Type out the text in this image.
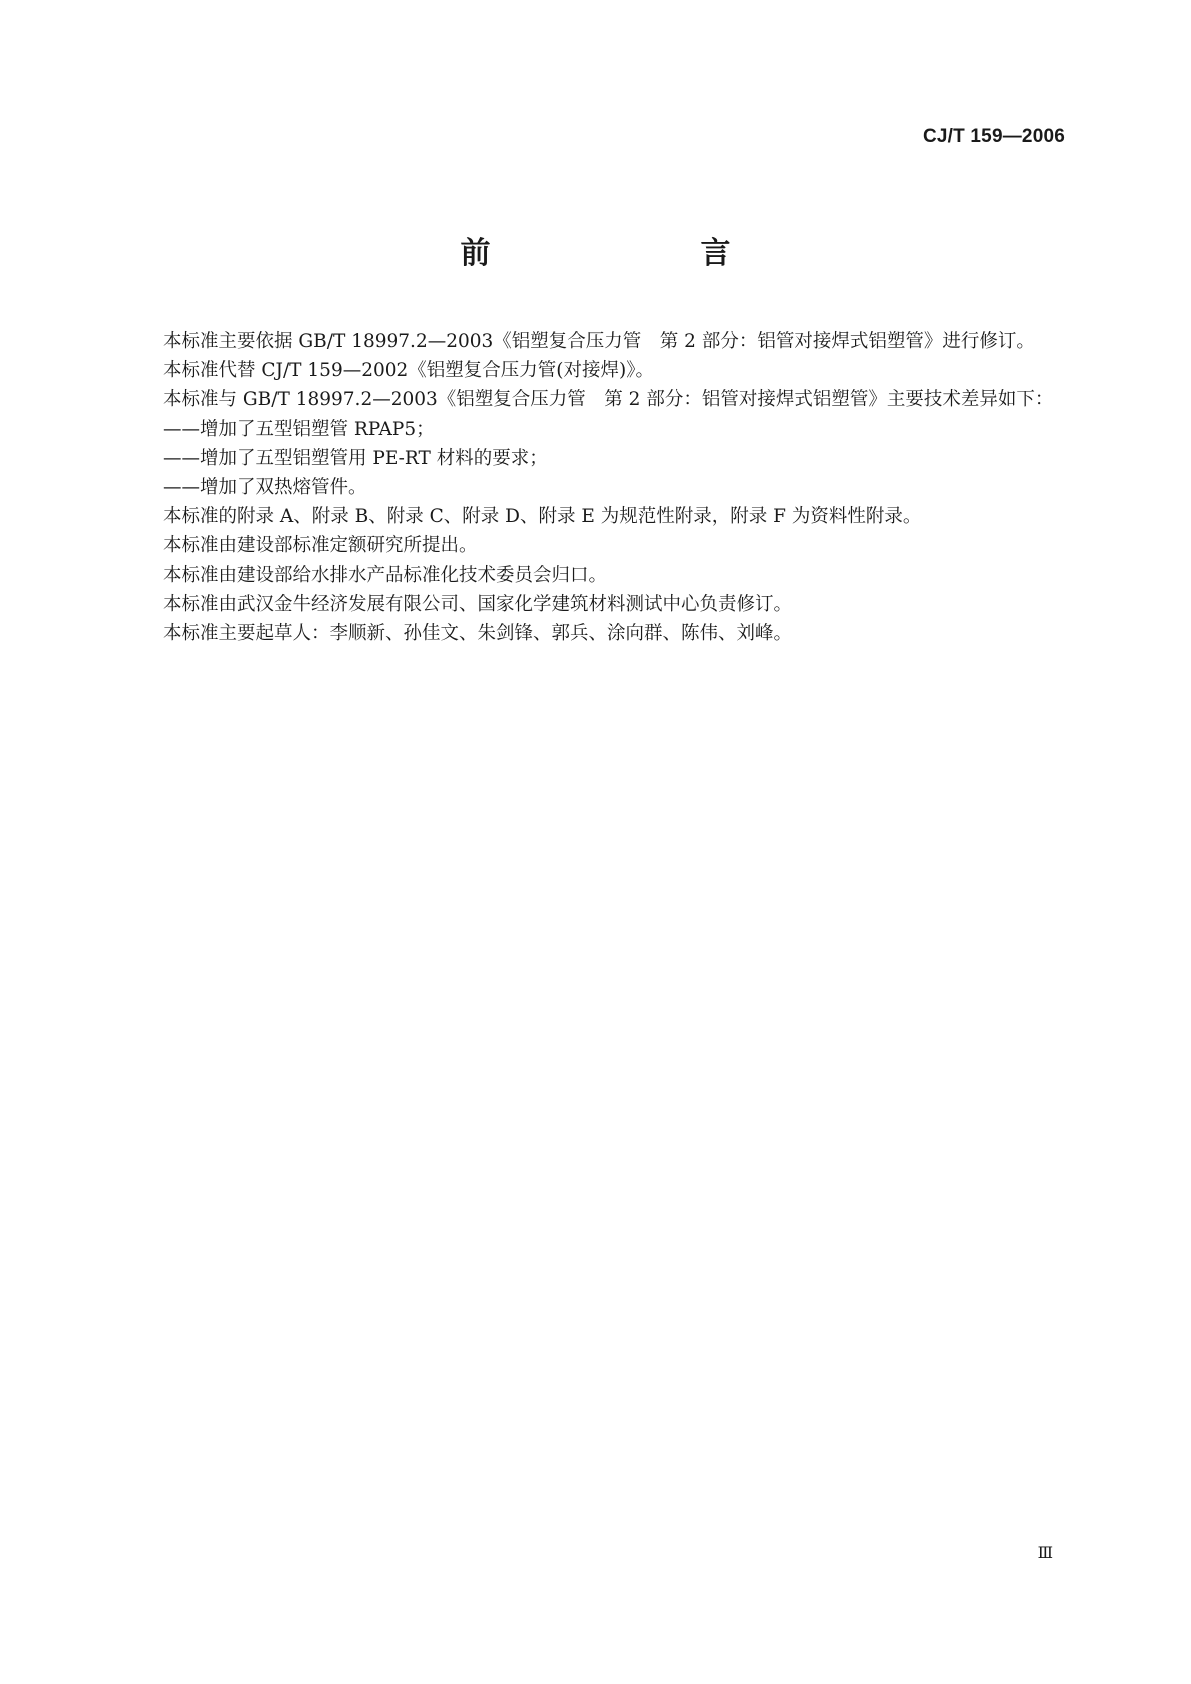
CJ/T 159—2006
前　　言

本标准主要依据 GB/T 18997.2—2003《铝塑复合压力管　第 2 部分：铝管对接焊式铝塑管》进行修订。

本标准代替 CJ/T 159—2002《铝塑复合压力管(对接焊)》。

本标准与 GB/T 18997.2—2003《铝塑复合压力管　第 2 部分：铝管对接焊式铝塑管》主要技术差异如下：

——增加了五型铝塑管 RPAP5；

——增加了五型铝塑管用 PE-RT 材料的要求；

——增加了双热熔管件。

本标准的附录 A、附录 B、附录 C、附录 D、附录 E 为规范性附录，附录 F 为资料性附录。

本标准由建设部标准定额研究所提出。

本标准由建设部给水排水产品标准化技术委员会归口。

本标准由武汉金牛经济发展有限公司、国家化学建筑材料测试中心负责修订。

本标准主要起草人：李顺新、孙佳文、朱剑锋、郭兵、涂向群、陈伟、刘峰。

Ⅲ
